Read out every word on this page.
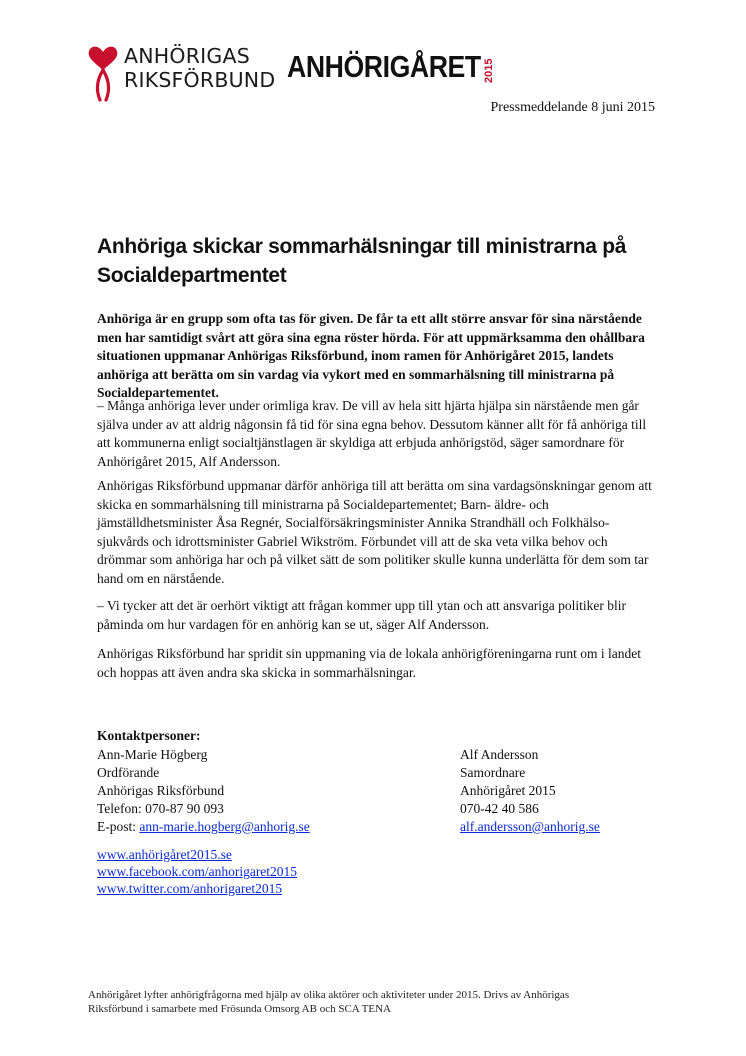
ANHÖRIGAS
RIKSFÖRBUND ANHÖRIGÅRET 2015
Pressmeddelande 8 juni 2015
Anhöriga skickar sommarhälsningar till ministrarna på Socialdepartmentet

Anhöriga är en grupp som ofta tas för given. De får ta ett allt större ansvar för sina närstående men har samtidigt svårt att göra sina egna röster hörda. För att uppmärksamma den ohållbara situationen uppmanar Anhörigas Riksförbund, inom ramen för Anhörigåret 2015, landets anhöriga att berätta om sin vardag via vykort med en sommarhälsning till ministrarna på Socialdepartementet.

– Många anhöriga lever under orimliga krav. De vill av hela sitt hjärta hjälpa sin närstående men går själva under av att aldrig någonsin få tid för sina egna behov. Dessutom känner allt för få anhöriga till att kommunerna enligt socialtjänstlagen är skyldiga att erbjuda anhörigstöd, säger samordnare för Anhörigåret 2015, Alf Andersson.

Anhörigas Riksförbund uppmanar därför anhöriga till att berätta om sina vardagsönskningar genom att skicka en sommarhälsning till ministrarna på Socialdepartementet; Barn- äldre- och jämställdhetsminister Åsa Regnér, Socialförsäkringsminister Annika Strandhäll och Folkhälso-sjukvårds och idrottsminister Gabriel Wikström. Förbundet vill att de ska veta vilka behov och drömmar som anhöriga har och på vilket sätt de som politiker skulle kunna underlätta för dem som tar hand om en närstående.

– Vi tycker att det är oerhört viktigt att frågan kommer upp till ytan och att ansvariga politiker blir påminda om hur vardagen för en anhörig kan se ut, säger Alf Andersson.

Anhörigas Riksförbund har spridit sin uppmaning via de lokala anhörigföreningarna runt om i landet och hoppas att även andra ska skicka in sommarhälsningar.

Kontaktpersoner:
Ann-Marie Högberg
Ordförande
Anhörigas Riksförbund
Telefon: 070-87 90 093
E-post: ann-marie.hogberg@anhorig.se
Alf Andersson
Samordnare
Anhörigåret 2015
070-42 40 586
alf.andersson@anhorig.se
www.anhörigåret2015.se
www.facebook.com/anhorigaret2015
www.twitter.com/anhorigaret2015

Anhörigåret lyfter anhörigfrågorna med hjälp av olika aktörer och aktiviteter under 2015. Drivs av Anhörigas Riksförbund i samarbete med Frösunda Omsorg AB och SCA TENA
